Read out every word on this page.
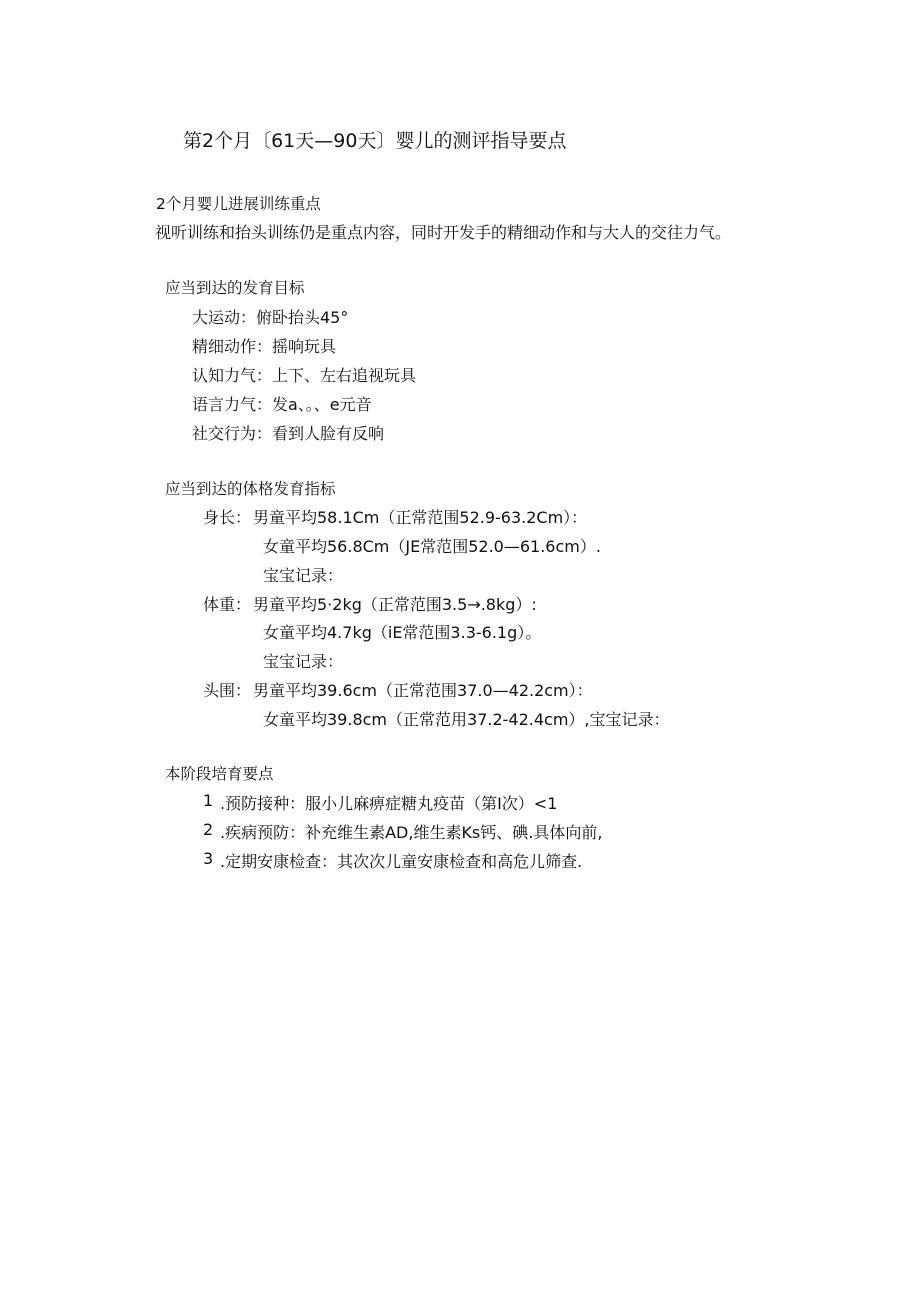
第2个月〔61天—90天〕婴儿的测评指导要点
2个月婴儿进展训练重点
视听训练和抬头训练仍是重点内容，同时开发手的精细动作和与大人的交往力气。
应当到达的发育目标
大运动：俯卧抬头45°
精细动作：摇响玩具
认知力气：上下、左右追视玩具
语言力气：发a、。、e元音
社交行为：看到人脸有反响
应当到达的体格发育指标
身长： 男童平均58.1Cm（正常范围52.9-63.2Cm）：
女童平均56.8Cm（JE常范围52.0—61.6cm）.
宝宝记录：
体重： 男童平均5·2kg（正常范围3.5→.8kg）:
女童平均4.7kg（iE常范围3.3-6.1g）。
宝宝记录：
头围： 男童平均39.6cm（正常范围37.0—42.2cm）：
女童平均39.8cm（正常范用37.2-42.4cm）,宝宝记录：
本阶段培育要点
1 .预防接种：服小儿麻痹症糖丸疫苗（第I次）<1
2 .疾病预防：补充维生素AD,维生素Ks钙、碘.具体向前,
3 .定期安康检查：其次次儿童安康检查和高危儿筛查.
